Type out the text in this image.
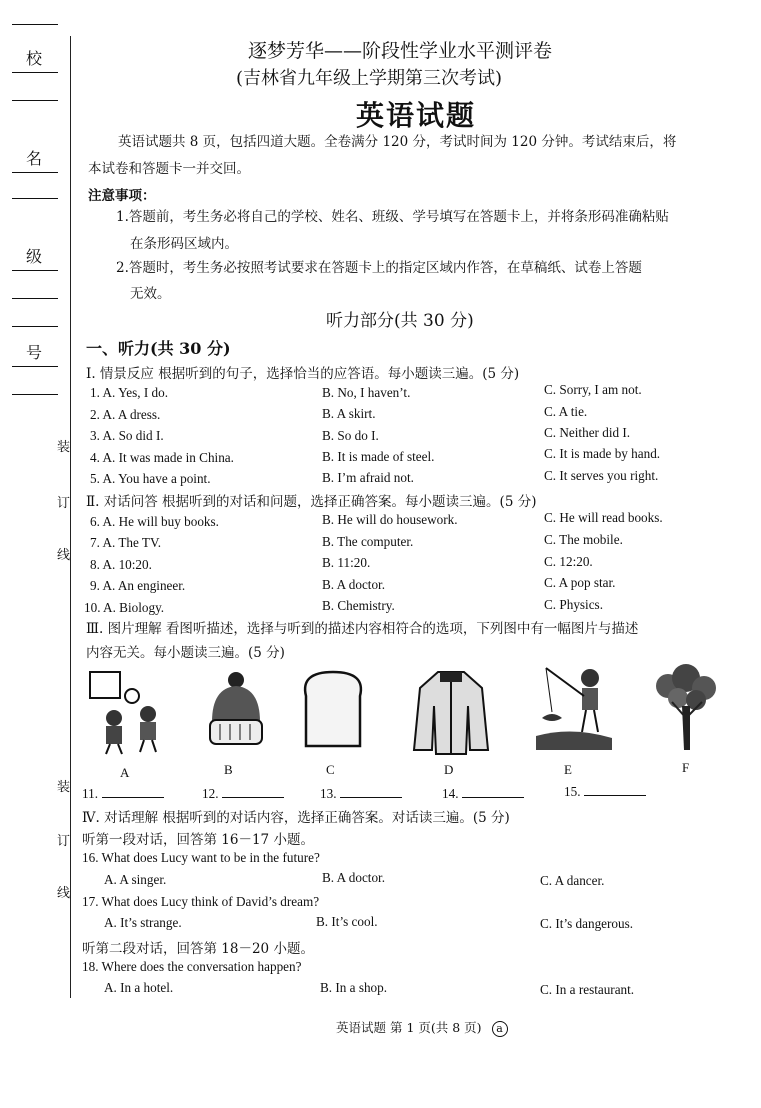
校
名
级
号
装
订
线
装
订
线
逐梦芳华——阶段性学业水平测评卷
(吉林省九年级上学期第三次考试)
英语试题
英语试题共 8 页，包括四道大题。全卷满分 120 分，考试时间为 120 分钟。考试结束后，将
本试卷和答题卡一并交回。
注意事项：
1.答题前，考生务必将自己的学校、姓名、班级、学号填写在答题卡上，并将条形码准确粘贴
在条形码区域内。
2.答题时，考生务必按照考试要求在答题卡上的指定区域内作答，在草稿纸、试卷上答题
无效。
听力部分(共 30 分)
一、听力(共 30 分)
Ⅰ. 情景反应 根据听到的句子，选择恰当的应答语。每小题读三遍。(5 分)
1. A. Yes, I do.	B. No, I haven’t.	C. Sorry, I am not.
2. A. A dress.	B. A skirt.	C. A tie.
3. A. So did I.	B. So do I.	C. Neither did I.
4. A. It was made in China.	B. It is made of steel.	C. It is made by hand.
5. A. You have a point.	B. I’m afraid not.	C. It serves you right.
Ⅱ. 对话问答 根据听到的对话和问题，选择正确答案。每小题读三遍。(5 分)
6. A. He will buy books.	B. He will do housework.	C. He will read books.
7. A. The TV.	B. The computer.	C. The mobile.
8. A. 10:20.	B. 11:20.	C. 12:20.
9. A. An engineer.	B. A doctor.	C. A pop star.
10. A. Biology.	B. Chemistry.	C. Physics.
Ⅲ. 图片理解 看图听描述，选择与听到的描述内容相符合的选项，下列图中有一幅图片与描述
内容无关。每小题读三遍。(5 分)
A	B	C	D	E	F
11.	12.	13.	14.	15.
Ⅳ. 对话理解 根据听到的对话内容，选择正确答案。对话读三遍。(5 分)
听第一段对话，回答第 16－17 小题。
16. What does Lucy want to be in the future?
A. A singer.	B. A doctor.	C. A dancer.
17. What does Lucy think of David’s dream?
A. It’s strange.	B. It’s cool.	C. It’s dangerous.
听第二段对话，回答第 18－20 小题。
18. Where does the conversation happen?
A. In a hotel.	B. In a shop.	C. In a restaurant.
英语试题 第 1 页(共 8 页) a
